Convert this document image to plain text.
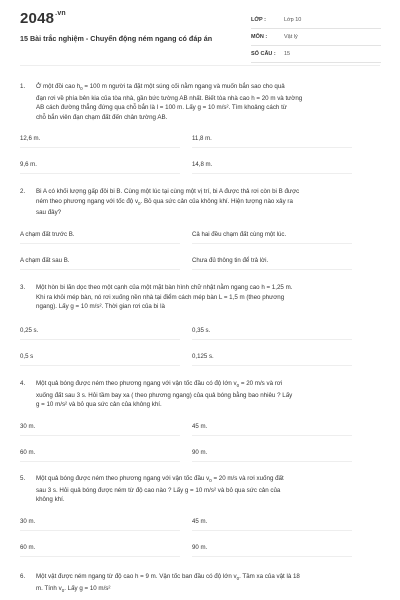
$2048^{.vn}$
15 Bài trắc nghiệm - Chuyển động ném ngang có đáp án
LỚP :	Lớp 10
MÔN :	Vật lý
SỐ CÂU :	15
1.	Ở một đồi cao $h_0 = 100$ m người ta đặt một súng cối nằm ngang và muốn bắn sao cho quả
đạn rơi về phía bên kia của tòa nhà, gần bức tường AB nhất. Biết tòa nhà cao h = 20 m và tường
AB cách đường thẳng đứng qua chỗ bắn là l = 100 m. Lấy g = 10 m/s². Tìm khoảng cách từ
chỗ bắn viên đạn chạm đất đến chân tường AB.
12,6 m.	11,8 m.
9,6 m.	14,8 m.
2.	Bi A có khối lượng gấp đôi bi B. Cùng một lúc tại cùng một vị trí, bi A được thả rơi còn bi B được
ném theo phương ngang với tốc độ $v_0$. Bỏ qua sức cản của không khí. Hiện tượng nào xảy ra
sau đây?
A chạm đất trước B.	Cả hai đều chạm đất cùng một lúc.
A chạm đất sau B.	Chưa đủ thông tin để trả lời.
3.	Một hòn bi lăn dọc theo một cạnh của một mặt bàn hình chữ nhật nằm ngang cao h = 1,25 m.
Khi ra khỏi mép bàn, nó rơi xuống nền nhà tại điểm cách mép bàn L = 1,5 m (theo phương
ngang). Lấy g = 10 m/s². Thời gian rơi của bi là
0,25 s.	0,35 s.
0,5 s	0,125 s.
4.	Một quả bóng được ném theo phương ngang với vận tốc đầu có độ lớn $v_0 = 20$ m/s và rơi
xuống đất sau 3 s. Hỏi tầm bay xa ( theo phương ngang) của quả bóng bằng bao nhiêu ? Lấy
g = 10 m/s² và bỏ qua sức cản của không khí.
30 m.	45 m.
60 m.	90 m.
5.	Một quả bóng được ném theo phương ngang với vận tốc đầu $v_0 = 20$ m/s và rơi xuống đất
sau 3 s. Hỏi quả bóng được ném từ độ cao nào ? Lấy g = 10 m/s² và bỏ qua sức cản của
không khí.
30 m.	45 m.
60 m.	90 m.
6.	Một vật được ném ngang từ độ cao h = 9 m. Vận tốc ban đầu có độ lớn $v_0$. Tầm xa của vật là 18
m. Tính $v_0$. Lấy g = 10 m/s²
